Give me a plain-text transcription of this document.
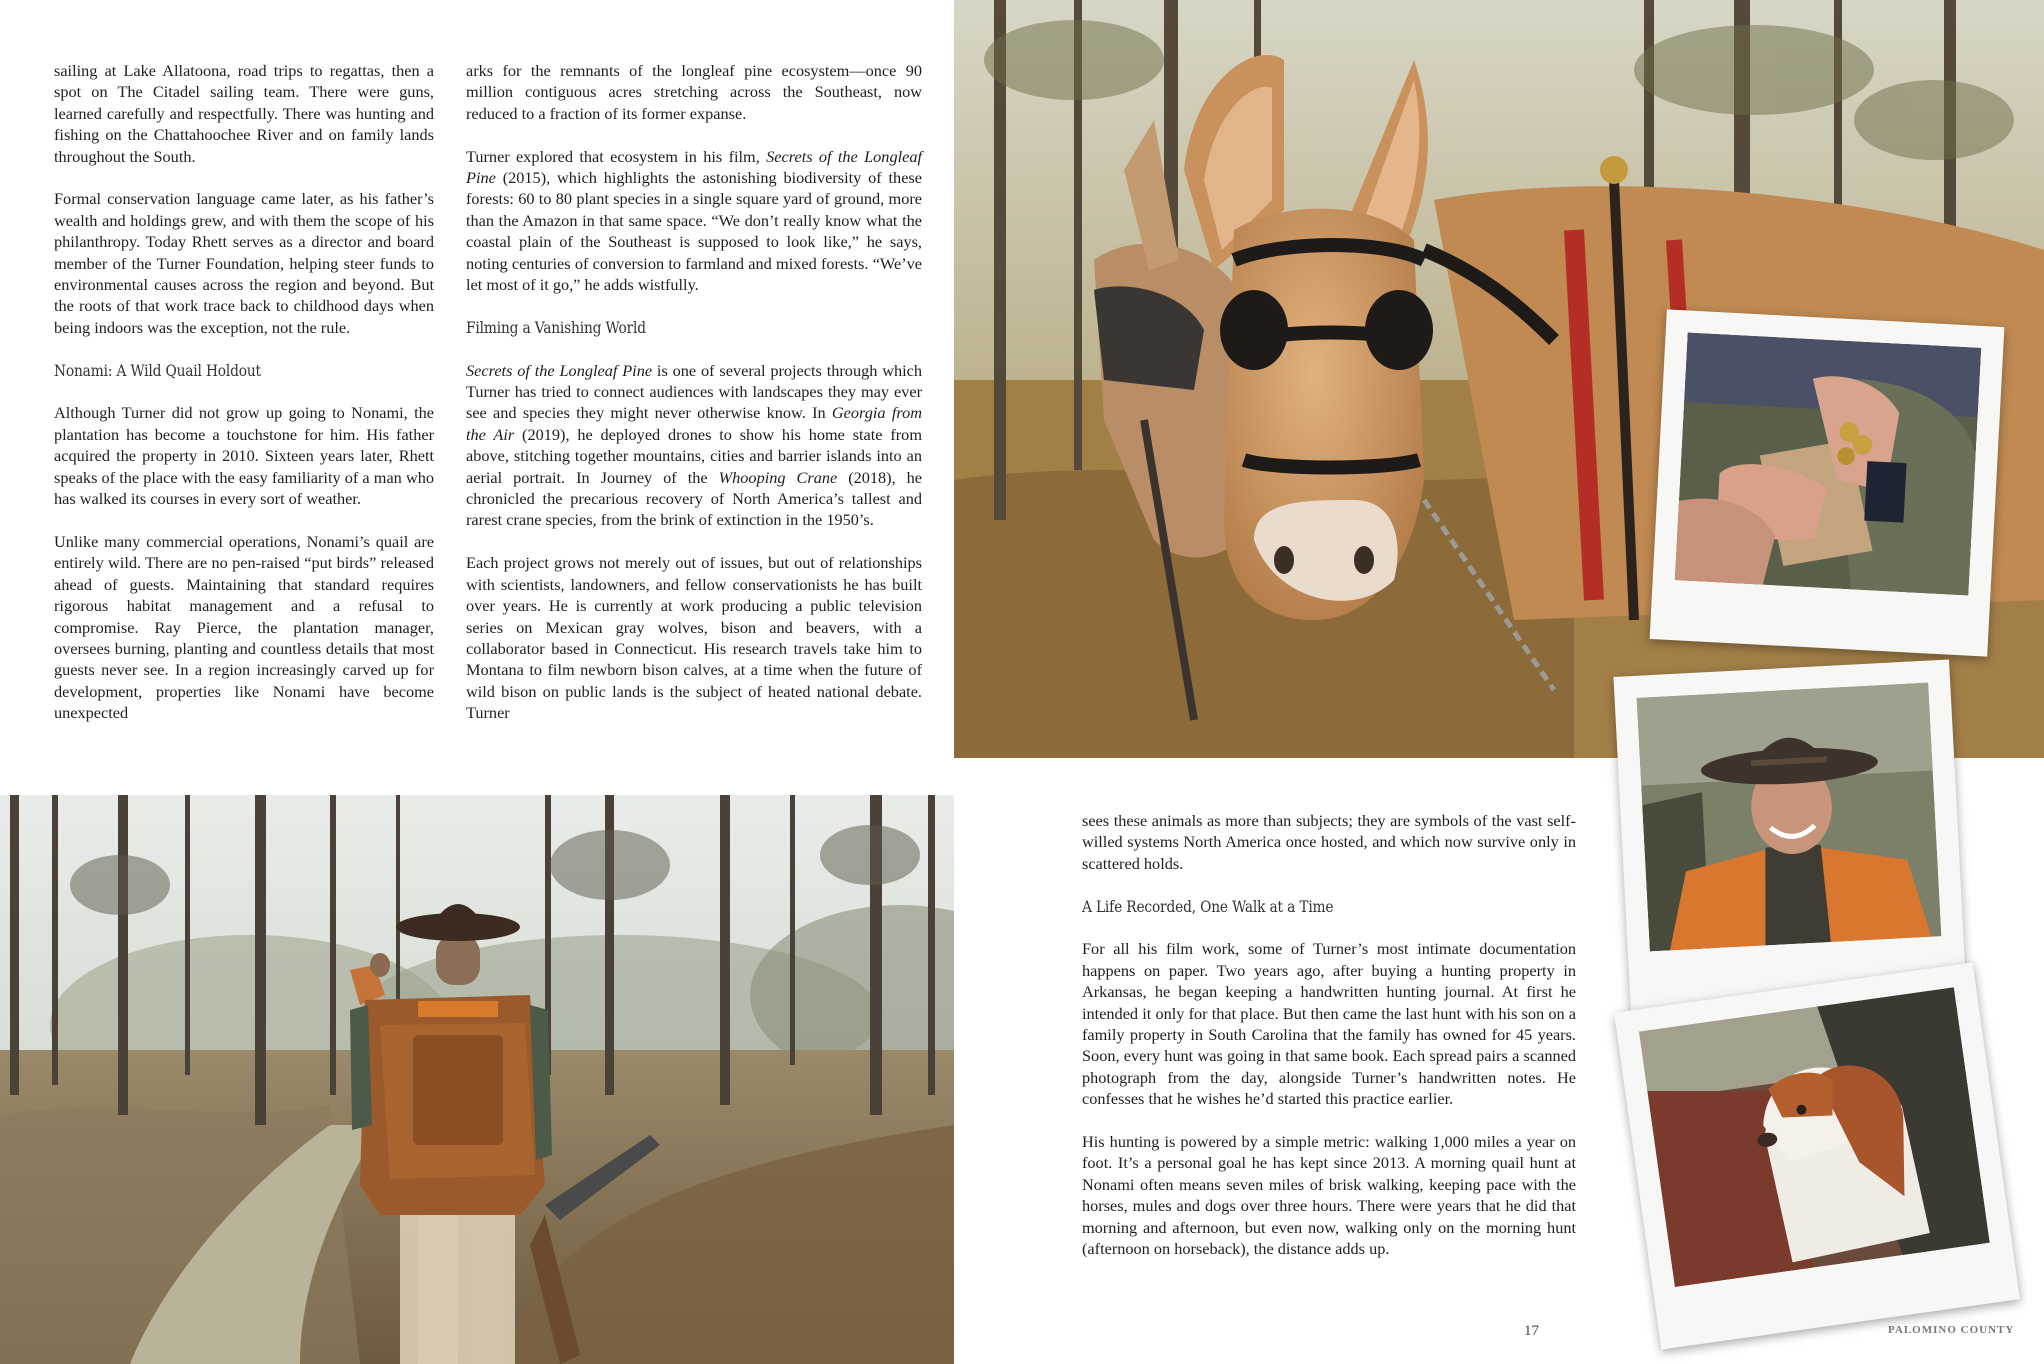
sailing at Lake Allatoona, road trips to regattas, then a spot on The Citadel sailing team. There were guns, learned carefully and respectfully. There was hunting and fishing on the Chattahoochee River and on family lands throughout the South.

Formal conservation language came later, as his father’s wealth and holdings grew, and with them the scope of his philanthropy. Today Rhett serves as a director and board member of the Turner Foundation, helping steer funds to environmental causes across the region and beyond. But the roots of that work trace back to childhood days when being indoors was the exception, not the rule.

Nonami: A Wild Quail Holdout

Although Turner did not grow up going to Nonami, the plantation has become a touchstone for him. His father acquired the property in 2010. Sixteen years later, Rhett speaks of the place with the easy familiarity of a man who has walked its courses in every sort of weather.

Unlike many commercial operations, Nonami’s quail are entirely wild. There are no pen-raised “put birds” released ahead of guests. Maintaining that standard requires rigorous habitat management and a refusal to compromise. Ray Pierce, the plantation manager, oversees burning, planting and countless details that most guests never see. In a region increasingly carved up for development, properties like Nonami have become unexpected

arks for the remnants of the longleaf pine ecosystem—once 90 million contiguous acres stretching across the Southeast, now reduced to a fraction of its former expanse.

Turner explored that ecosystem in his film, Secrets of the Longleaf Pine (2015), which highlights the astonishing biodiversity of these forests: 60 to 80 plant species in a single square yard of ground, more than the Amazon in that same space. “We don’t really know what the coastal plain of the Southeast is supposed to look like,” he says, noting centuries of conversion to farmland and mixed forests. “We’ve let most of it go,” he adds wistfully.

Filming a Vanishing World

Secrets of the Longleaf Pine is one of several projects through which Turner has tried to connect audiences with landscapes they may ever see and species they might never otherwise know. In Georgia from the Air (2019), he deployed drones to show his home state from above, stitching together mountains, cities and barrier islands into an aerial portrait. In Journey of the Whooping Crane (2018), he chronicled the precarious recovery of North America’s tallest and rarest crane species, from the brink of extinction in the 1950’s.

Each project grows not merely out of issues, but out of relationships with scientists, landowners, and fellow conservationists he has built over years. He is currently at work producing a public television series on Mexican gray wolves, bison and beavers, with a collaborator based in Connecticut. His research travels take him to Montana to film newborn bison calves, at a time when the future of wild bison on public lands is the subject of heated national debate. Turner

sees these animals as more than subjects; they are symbols of the vast self-willed systems North America once hosted, and which now survive only in scattered holds.

A Life Recorded, One Walk at a Time

For all his film work, some of Turner’s most intimate documentation happens on paper. Two years ago, after buying a hunting property in Arkansas, he began keeping a handwritten hunting journal. At first he intended it only for that place. But then came the last hunt with his son on a family property in South Carolina that the family has owned for 45 years. Soon, every hunt was going in that same book. Each spread pairs a scanned photograph from the day, alongside Turner’s handwritten notes. He confesses that he wishes he’d started this practice earlier.

His hunting is powered by a simple metric: walking 1,000 miles a year on foot. It’s a personal goal he has kept since 2013. A morning quail hunt at Nonami often means seven miles of brisk walking, keeping pace with the horses, mules and dogs over three hours. There were years that he did that morning and afternoon, but even now, walking only on the morning hunt (afternoon on horseback), the distance adds up.

17	PALOMINO COUNTY
